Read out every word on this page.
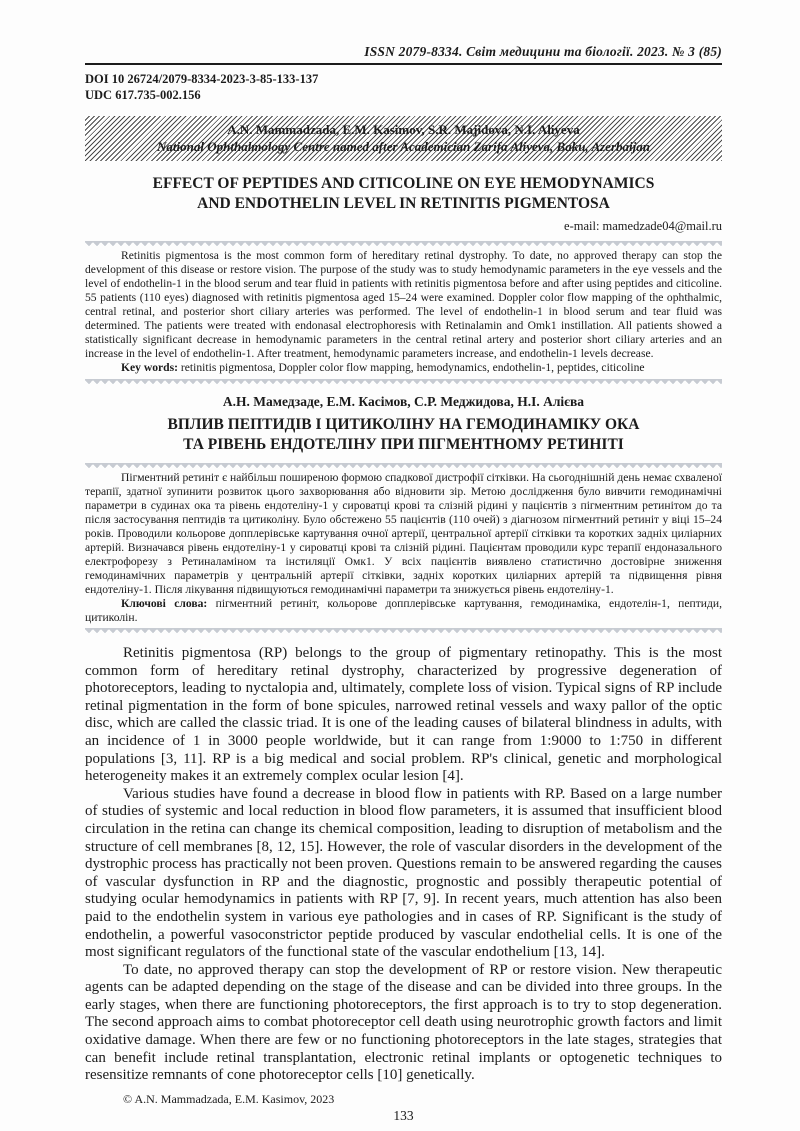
ISSN 2079-8334. Світ медицини та біології. 2023. № 3 (85)
DOI 10 26724/2079-8334-2023-3-85-133-137
UDC 617.735-002.156
A.N. Mammadzada, E.M. Kasimov, S.R. Majidova, N.I. Aliyeva
National Ophthalmology Centre named after Academician Zarifa Aliyeva, Baku, Azerbaijan
EFFECT OF PEPTIDES AND CITICOLINE ON EYE HEMODYNAMICS
AND ENDOTHELIN LEVEL IN RETINITIS PIGMENTOSA
e-mail: mamedzade04@mail.ru

Retinitis pigmentosa is the most common form of hereditary retinal dystrophy. To date, no approved therapy can stop the development of this disease or restore vision. The purpose of the study was to study hemodynamic parameters in the eye vessels and the level of endothelin-1 in the blood serum and tear fluid in patients with retinitis pigmentosa before and after using peptides and citicoline. 55 patients (110 eyes) diagnosed with retinitis pigmentosa aged 15–24 were examined. Doppler color flow mapping of the ophthalmic, central retinal, and posterior short ciliary arteries was performed. The level of endothelin-1 in blood serum and tear fluid was determined. The patients were treated with endonasal electrophoresis with Retinalamin and Omk1 instillation. All patients showed a statistically significant decrease in hemodynamic parameters in the central retinal artery and posterior short ciliary arteries and an increase in the level of endothelin-1. After treatment, hemodynamic parameters increase, and endothelin-1 levels decrease.

Key words: retinitis pigmentosa, Doppler color flow mapping, hemodynamics, endothelin-1, peptides, citicoline

А.Н. Мамедзаде, Е.М. Касімов, С.Р. Меджидова, Н.І. Алієва
ВПЛИВ ПЕПТИДІВ І ЦИТИКОЛІНУ НА ГЕМОДИНАМІКУ ОКА
ТА РІВЕНЬ ЕНДОТЕЛІНУ ПРИ ПІГМЕНТНОМУ РЕТИНІТІ

Пігментний ретиніт є найбільш поширеною формою спадкової дистрофії сітківки. На сьогоднішній день немає схваленої терапії, здатної зупинити розвиток цього захворювання або відновити зір. Метою дослідження було вивчити гемодинамічні параметри в судинах ока та рівень ендотеліну-1 у сироватці крові та слізній рідині у пацієнтів з пігментним ретинітом до та після застосування пептидів та цитиколіну. Було обстежено 55 пацієнтів (110 очей) з діагнозом пігментний ретиніт у віці 15–24 років. Проводили кольорове допплерівське картування очної артерії, центральної артерії сітківки та коротких задніх циліарних артерій. Визначався рівень ендотеліну-1 у сироватці крові та слізній рідині. Пацієнтам проводили курс терапії ендоназального електрофорезу з Ретиналаміном та інстиляції Омк1. У всіх пацієнтів виявлено статистично достовірне зниження гемодинамічних параметрів у центральній артерії сітківки, задніх коротких циліарних артерій та підвищення рівня ендотеліну-1. Після лікування підвищуються гемодинамічні параметри та знижується рівень ендотеліну-1.

Ключові слова: пігментний ретиніт, кольорове допплерівське картування, гемодинаміка, ендотелін-1, пептиди, цитиколін.

Retinitis pigmentosa (RP) belongs to the group of pigmentary retinopathy. This is the most common form of hereditary retinal dystrophy, characterized by progressive degeneration of photoreceptors, leading to nyctalopia and, ultimately, complete loss of vision. Typical signs of RP include retinal pigmentation in the form of bone spicules, narrowed retinal vessels and waxy pallor of the optic disc, which are called the classic triad. It is one of the leading causes of bilateral blindness in adults, with an incidence of 1 in 3000 people worldwide, but it can range from 1:9000 to 1:750 in different populations [3, 11]. RP is a big medical and social problem. RP's clinical, genetic and morphological heterogeneity makes it an extremely complex ocular lesion [4].

Various studies have found a decrease in blood flow in patients with RP. Based on a large number of studies of systemic and local reduction in blood flow parameters, it is assumed that insufficient blood circulation in the retina can change its chemical composition, leading to disruption of metabolism and the structure of cell membranes [8, 12, 15]. However, the role of vascular disorders in the development of the dystrophic process has practically not been proven. Questions remain to be answered regarding the causes of vascular dysfunction in RP and the diagnostic, prognostic and possibly therapeutic potential of studying ocular hemodynamics in patients with RP [7, 9]. In recent years, much attention has also been paid to the endothelin system in various eye pathologies and in cases of RP. Significant is the study of endothelin, a powerful vasoconstrictor peptide produced by vascular endothelial cells. It is one of the most significant regulators of the functional state of the vascular endothelium [13, 14].

To date, no approved therapy can stop the development of RP or restore vision. New therapeutic agents can be adapted depending on the stage of the disease and can be divided into three groups. In the early stages, when there are functioning photoreceptors, the first approach is to try to stop degeneration. The second approach aims to combat photoreceptor cell death using neurotrophic growth factors and limit oxidative damage. When there are few or no functioning photoreceptors in the late stages, strategies that can benefit include retinal transplantation, electronic retinal implants or optogenetic techniques to resensitize remnants of cone photoreceptor cells [10] genetically.

© A.N. Mammadzada, E.M. Kasimov, 2023
133
